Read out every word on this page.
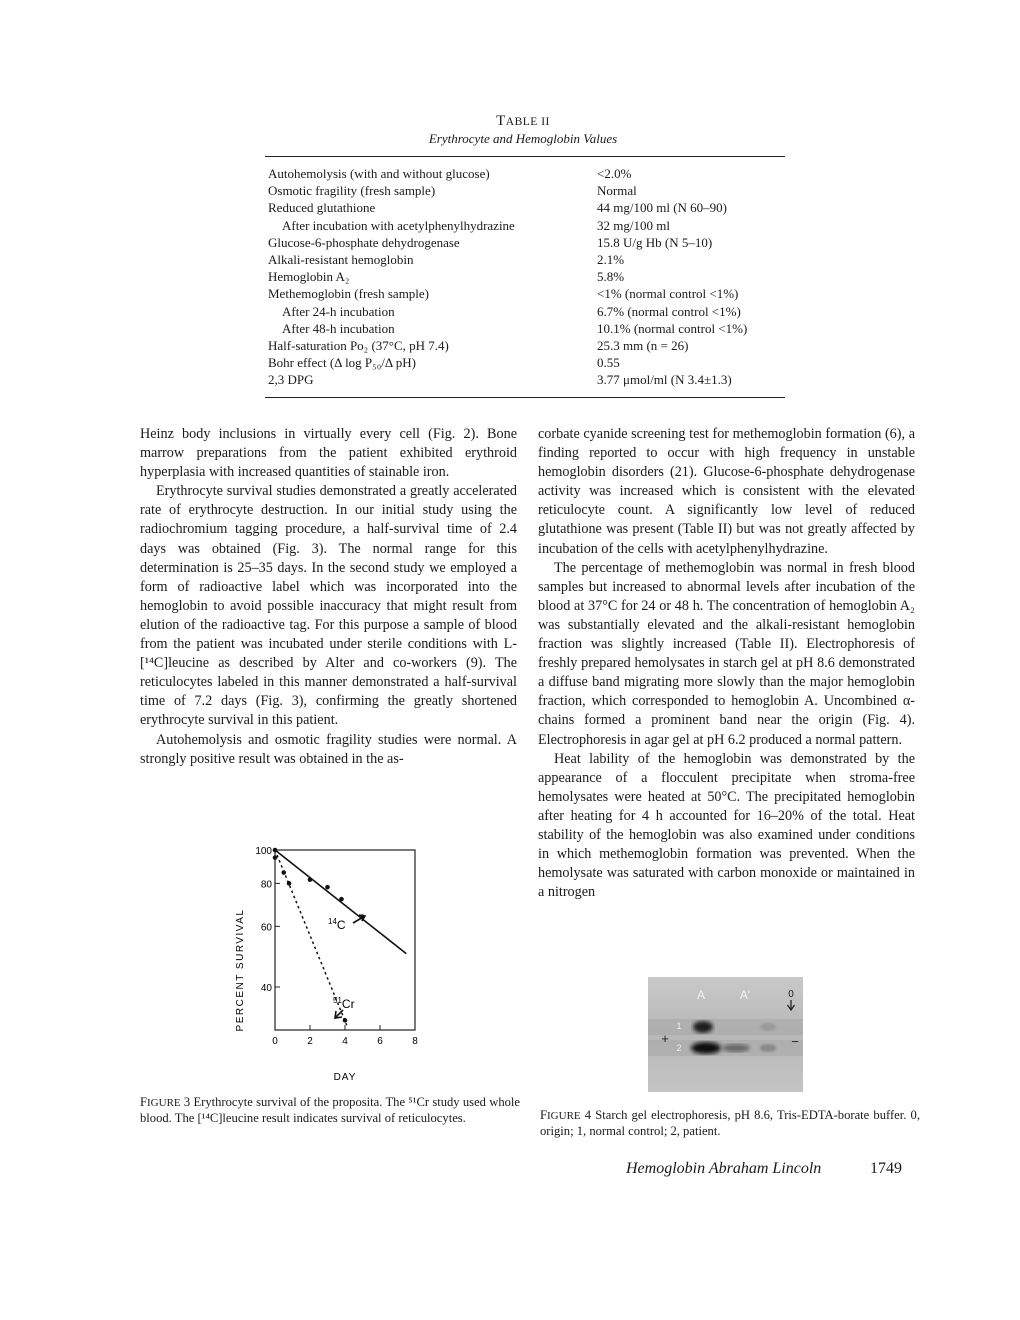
TABLE II
Erythrocyte and Hemoglobin Values
Autohemolysis (with and without glucose)	<2.0%
Osmotic fragility (fresh sample)	Normal
Reduced glutathione	44 mg/100 ml (N 60–90)
After incubation with acetylphenylhydrazine	32 mg/100 ml
Glucose-6-phosphate dehydrogenase	15.8 U/g Hb (N 5–10)
Alkali-resistant hemoglobin	2.1%
Hemoglobin A₂	5.8%
Methemoglobin (fresh sample)	<1% (normal control <1%)
After 24-h incubation	6.7% (normal control <1%)
After 48-h incubation	10.1% (normal control <1%)
Half-saturation Po₂ (37°C, pH 7.4)	25.3 mm (n = 26)
Bohr effect (Δ log P₅₀/Δ pH)	0.55
2,3 DPG	3.77 μmol/ml (N 3.4±1.3)

Heinz body inclusions in virtually every cell (Fig. 2). Bone marrow preparations from the patient exhibited erythroid hyperplasia with increased quantities of stainable iron.

Erythrocyte survival studies demonstrated a greatly accelerated rate of erythrocyte destruction. In our initial study using the radiochromium tagging procedure, a half-survival time of 2.4 days was obtained (Fig. 3). The normal range for this determination is 25–35 days. In the second study we employed a form of radioactive label which was incorporated into the hemoglobin to avoid possible inaccuracy that might result from elution of the radioactive tag. For this purpose a sample of blood from the patient was incubated under sterile conditions with L-[¹⁴C]leucine as described by Alter and co-workers (9). The reticulocytes labeled in this manner demonstrated a half-survival time of 7.2 days (Fig. 3), confirming the greatly shortened erythrocyte survival in this patient.

Autohemolysis and osmotic fragility studies were normal. A strongly positive result was obtained in the as-

0	2	4	6	8
40
60
80
100
$^{14}$C
$^{51}$Cr
DAY
PERCENT SURVIVAL
FIGURE 3 Erythrocyte survival of the proposita. The ⁵¹Cr study used whole blood. The [¹⁴C]leucine result indicates survival of reticulocytes.

corbate cyanide screening test for methemoglobin formation (6), a finding reported to occur with high frequency in unstable hemoglobin disorders (21). Glucose-6-phosphate dehydrogenase activity was increased which is consistent with the elevated reticulocyte count. A significantly low level of reduced glutathione was present (Table II) but was not greatly affected by incubation of the cells with acetylphenylhydrazine.

The percentage of methemoglobin was normal in fresh blood samples but increased to abnormal levels after incubation of the blood at 37°C for 24 or 48 h. The concentration of hemoglobin A₂ was substantially elevated and the alkali-resistant hemoglobin fraction was slightly increased (Table II). Electrophoresis of freshly prepared hemolysates in starch gel at pH 8.6 demonstrated a diffuse band migrating more slowly than the major hemoglobin fraction, which corresponded to hemoglobin A. Uncombined α-chains formed a prominent band near the origin (Fig. 4). Electrophoresis in agar gel at pH 6.2 produced a normal pattern.

Heat lability of the hemoglobin was demonstrated by the appearance of a flocculent precipitate when stroma-free hemolysates were heated at 50°C. The precipitated hemoglobin after heating for 4 h accounted for 16–20% of the total. Heat stability of the hemoglobin was also examined under conditions in which methemoglobin formation was prevented. When the hemolysate was saturated with carbon monoxide or maintained in a nitrogen

A	A'	0
1
2
+	−
FIGURE 4 Starch gel electrophoresis, pH 8.6, Tris-EDTA-borate buffer. 0, origin; 1, normal control; 2, patient.
Hemoglobin Abraham Lincoln	1749
